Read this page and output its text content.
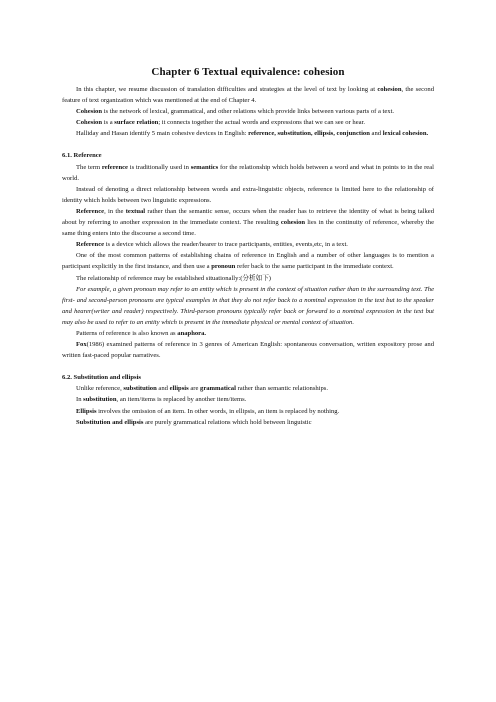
Chapter 6 Textual equivalence: cohesion

In this chapter, we resume discussion of translation difficulties and strategies at the level of text by looking at cohesion, the second feature of text organization which was mentioned at the end of Chapter 4.

Cohesion is the network of lexical, grammatical, and other relations which provide links between various parts of a text.

Cohesion is a surface relation; it connects together the actual words and expressions that we can see or hear.

Halliday and Hasan identify 5 main cohesive devices in English: reference, substitution, ellipsis, conjunction and lexical cohesion.

6.1. Reference

The term reference is traditionally used in semantics for the relationship which holds between a word and what in points to in the real world.

Instead of denoting a direct relationship between words and extra-linguistic objects, reference is limited here to the relationship of identity which holds between two linguistic expressions.

Reference, in the textual rather than the semantic sense, occurs when the reader has to retrieve the identity of what is being talked about by referring to another expression in the immediate context. The resulting cohesion lies in the continuity of reference, whereby the same thing enters into the discourse a second time.

Reference is a device which allows the reader/hearer to trace participants, entities, events,etc, in a text.

One of the most common patterns of establishing chains of reference in English and a number of other languages is to mention a participant explicitly in the first instance, and then use a pronoun refer back to the same participant in the immediate context.

The relationship of reference may be established situationally:(分析如下)

For example, a given pronoun may refer to an entity which is present in the context of situation rather than in the surrounding text. The first- and second-person pronouns are typical examples in that they do not refer back to a nominal expression in the text but to the speaker and hearer(writer and reader) respectively. Third-person pronouns typically refer back or forward to a nominal expression in the text but may also be used to refer to an entity which is present in the immediate physical or mental context of situation.

Patterns of reference is also known as anaphora.

Fox(1986) examined patterns of reference in 3 genres of American English: spontaneous conversation, written expository prose and written fast-paced popular narratives.

6.2. Substitution and ellipsis

Unlike reference, substitution and ellipsis are grammatical rather than semantic relationships.

In substitution, an item/items is replaced by another item/items.

Ellipsis involves the omission of an item. In other words, in ellipsis, an item is replaced by nothing.

Substitution and ellipsis are purely grammatical relations which hold between linguistic
